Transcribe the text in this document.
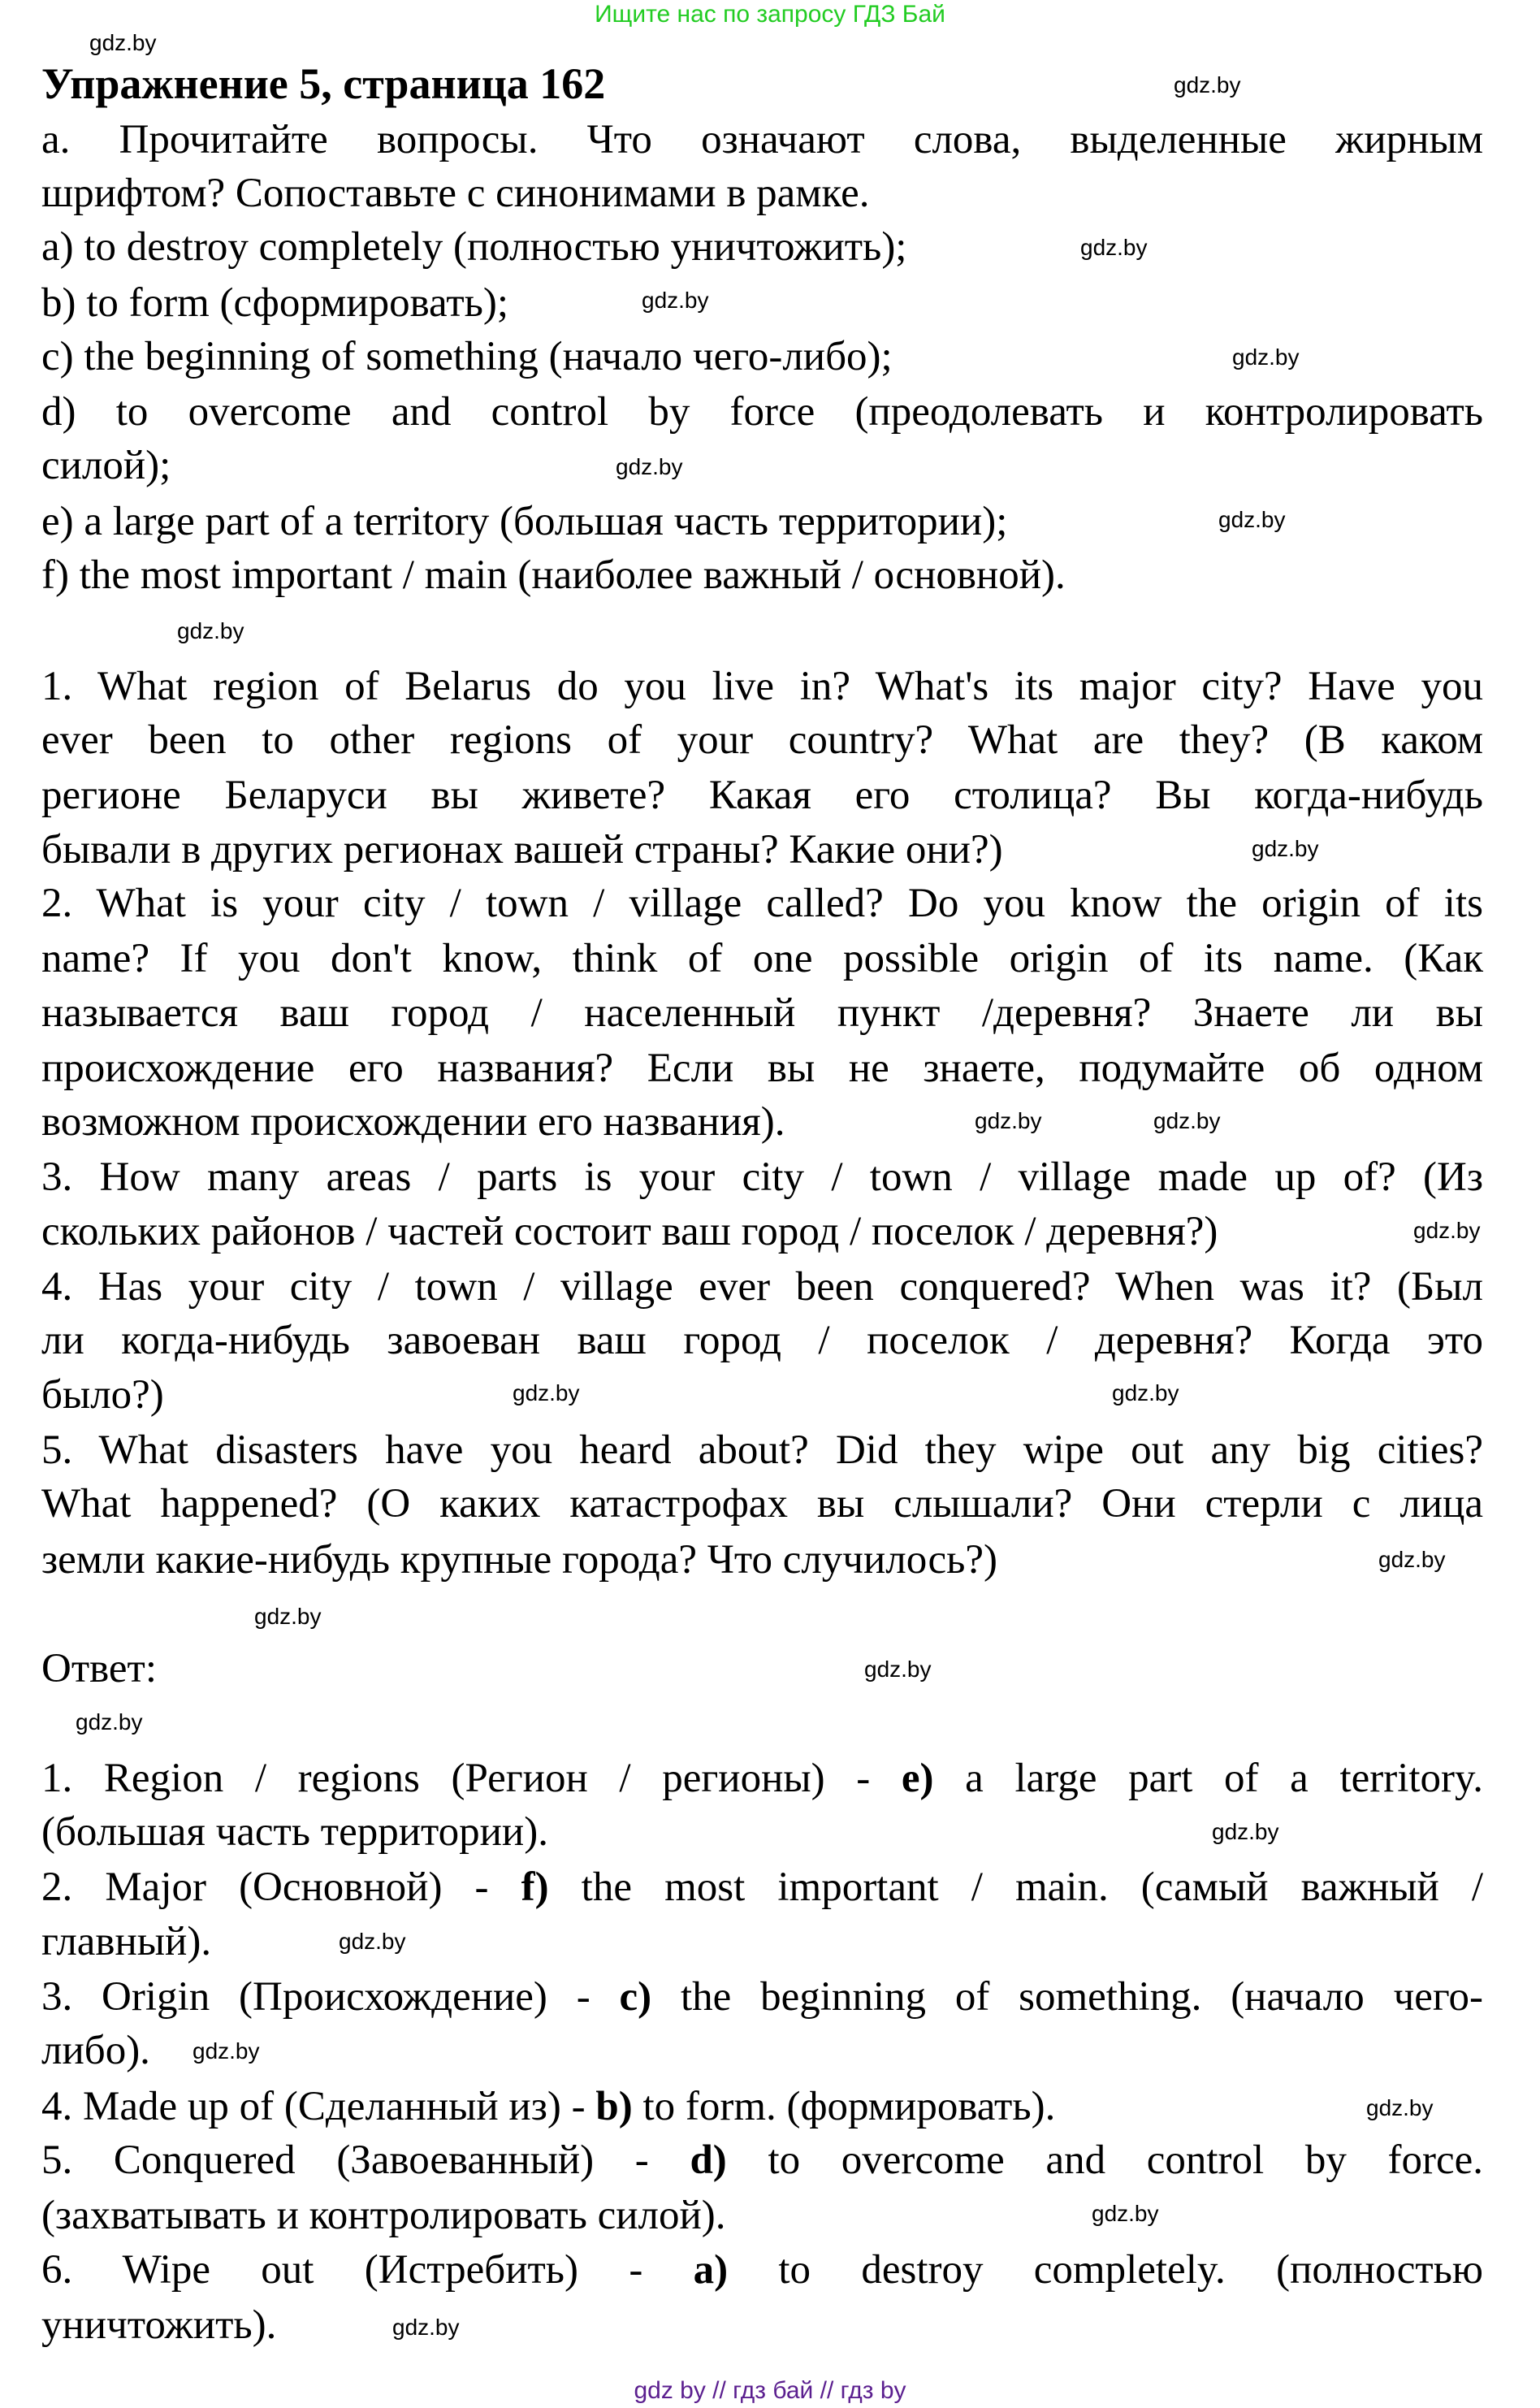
Ищите нас по запросу ГДЗ Бай
Упражнение 5, страница 162
a. Прочитайте вопросы. Что означают слова, выделенные жирным
шрифтом? Сопоставьте с синонимами в рамке.
a) to destroy completely (полностью уничтожить);
b) to form (сформировать);
c) the beginning of something (начало чего-либо);
d) to overcome and control by force (преодолевать и контролировать
силой);
e) a large part of a territory (большая часть территории);
f) the most important / main (наиболее важный / основной).
1. What region of Belarus do you live in? What's its major city? Have you
ever been to other regions of your country? What are they? (В каком
регионе Беларуси вы живете? Какая его столица? Вы когда-нибудь
бывали в других регионах вашей страны? Какие они?)
2. What is your city / town / village called? Do you know the origin of its
name? If you don't know, think of one possible origin of its name. (Как
называется ваш город / населенный пункт /деревня? Знаете ли вы
происхождение его названия? Если вы не знаете, подумайте об одном
возможном происхождении его названия).
3. How many areas / parts is your city / town / village made up of? (Из
скольких районов / частей состоит ваш город / поселок / деревня?)
4. Has your city / town / village ever been conquered? When was it? (Был
ли когда-нибудь завоеван ваш город / поселок / деревня? Когда это
было?)
5. What disasters have you heard about? Did they wipe out any big cities?
What happened? (О каких катастрофах вы слышали? Они стерли с лица
земли какие-нибудь крупные города? Что случилось?)
Ответ:
1. Region / regions (Регион / регионы) - e) a large part of a territory.
(большая часть территории).
2. Major (Основной) - f) the most important / main. (самый важный /
главный).
3. Origin (Происхождение) - c) the beginning of something. (начало чего-
либо).
4. Made up of (Сделанный из) - b) to form. (формировать).
5. Conquered (Завоеванный) - d) to overcome and control by force.
(захватывать и контролировать силой).
6. Wipe out (Истребить) - a) to destroy completely. (полностью
уничтожить).
gdz.by
gdz.by
gdz.by
gdz.by
gdz.by
gdz.by
gdz.by
gdz.by
gdz.by
gdz.by	gdz.by
gdz.by
gdz.by	gdz.by
gdz.by
gdz.by
gdz.by
gdz.by
gdz.by
gdz.by
gdz.by
gdz.by
gdz.by
gdz.by
gdz by // гдз бай // гдз by
